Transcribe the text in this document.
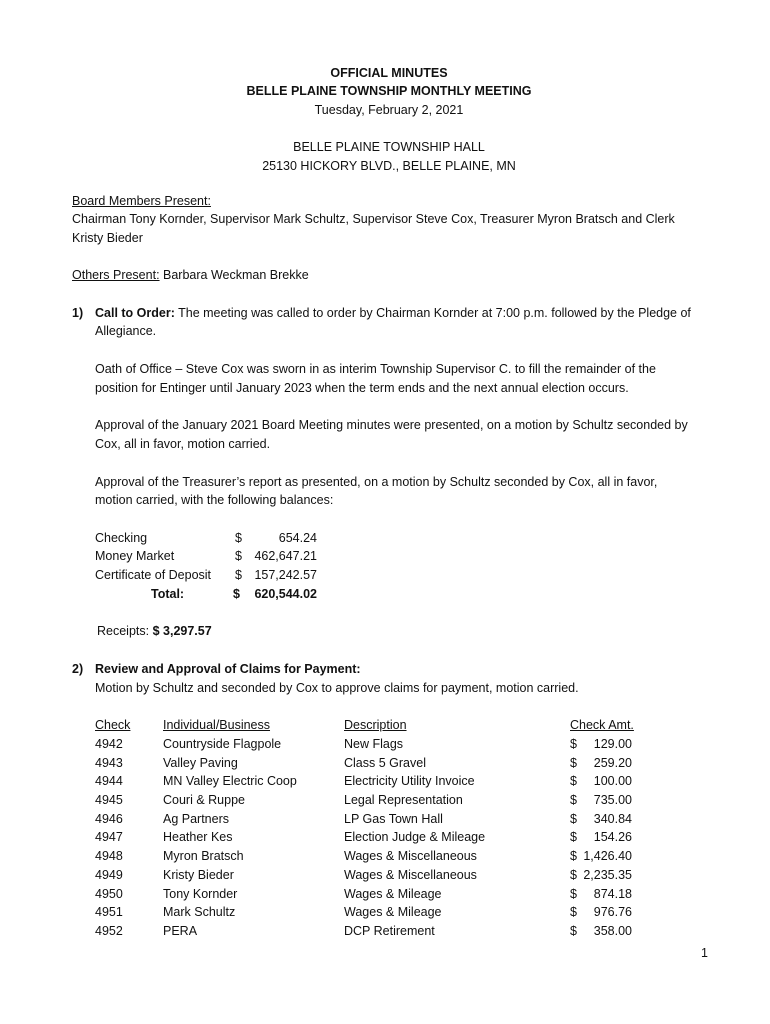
OFFICIAL MINUTES
BELLE PLAINE TOWNSHIP MONTHLY MEETING
Tuesday, February 2, 2021
BELLE PLAINE TOWNSHIP HALL
25130 HICKORY BLVD., BELLE PLAINE, MN
Board Members Present:
Chairman Tony Kornder, Supervisor Mark Schultz, Supervisor Steve Cox, Treasurer Myron Bratsch and Clerk
Kristy Bieder
Others Present: Barbara Weckman Brekke
1) Call to Order: The meeting was called to order by Chairman Kornder at 7:00 p.m. followed by the Pledge of
Allegiance.
Oath of Office – Steve Cox was sworn in as interim Township Supervisor C. to fill the remainder of the
position for Entinger until January 2023 when the term ends and the next annual election occurs.
Approval of the January 2021 Board Meeting minutes were presented, on a motion by Schultz seconded by
Cox, all in favor, motion carried.
Approval of the Treasurer’s report as presented, on a motion by Schultz seconded by Cox, all in favor,
motion carried, with the following balances:
Checking	$	654.24
Money Market	$ 462,647.21
Certificate of Deposit $ 157,242.57
Total:	$ 620,544.02
Receipts: $ 3,297.57
2) Review and Approval of Claims for Payment:
Motion by Schultz and seconded by Cox to approve claims for payment, motion carried.
Check	Individual/Business	Description	Check Amt.
4942	Countryside Flagpole	New Flags	$ 129.00
4943	Valley Paving	Class 5 Gravel	$ 259.20
4944	MN Valley Electric Coop	Electricity Utility Invoice	$ 100.00
4945	Couri & Ruppe	Legal Representation	$ 735.00
4946	Ag Partners	LP Gas Town Hall	$ 340.84
4947	Heather Kes	Election Judge & Mileage	$ 154.26
4948	Myron Bratsch	Wages & Miscellaneous	$ 1,426.40
4949	Kristy Bieder	Wages & Miscellaneous	$ 2,235.35
4950	Tony Kornder	Wages & Mileage	$ 874.18
4951	Mark Schultz	Wages & Mileage	$ 976.76
4952	PERA	DCP Retirement	$ 358.00
1
